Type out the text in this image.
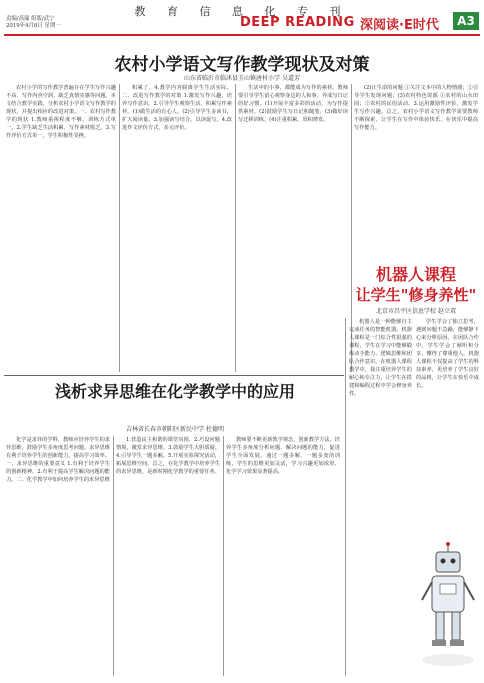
教 育 信 息 化 专 刊
责编/高瑞 组版/武宁
2019年4月8日 星期一	DEEP READING 深阅读·E时代	A3
农村小学语文写作教学现状及对策
山东省临沂市临沭县玉山镇唐村小学 吴道芳

农村小学的写作教学普遍存在学生写作兴趣不高、写作内容空洞、缺乏真情实感等问题。本文结合教学实践，分析农村小学语文写作教学的现状，并提出相应的改进对策。一、农村写作教学的现状 1.教师重视程度不够，训练方式单一。2.学生缺乏生活积累，写作素材匮乏。3.写作评价方式单一，学生积极性受挫。

积累了。4.教学内容脱离学生生活实际。二、改进写作教学的对策 1.激发写作兴趣，培养写作意识。2.引导学生观察生活，积累写作素材。(1)做生活的有心人。(2)引导学生多读书，扩大阅读量。3.加强读写结合，以读促写。4.改进作文评价方式，多元评价。

生活中的小事，都能成为写作的素材。教师要引导学生留心观察身边的人和事，养成写日记的好习惯。(1)开展丰富多彩的活动，为写作提供素材。(2)鼓励学生写日记和随笔。(3)做好读写迁移训练。(4)注重积累，厚积薄发。

(2)让生命的问题 ①关注文本中的人物情感；②引导学生发现问题；(3)农村特色资源 ①农村的山水田园；②农村的民俗活动。3.运用激励性评价，激发学生写作兴趣。总之，农村小学语文写作教学需要教师不断探索，让学生在写作中体验快乐，在快乐中提高写作能力。

机器人课程
让学生"修身养性"
北京市昌平区信息学校 赵立双
浅析求异思维在化学教学中的应用
吉林省长春市朝阳区新民中学 杜德明

化学是求异的学科，教师应培养学生的求异思维，鼓励学生多角度思考问题。求异思维有利于培养学生的创新能力，提高学习效率。一、求异思维的重要意义 1.有利于培养学生的创新精神。2.有利于提高学生解决问题的能力。二、化学教学中如何培养学生的求异思维

1.营造民主和谐的课堂氛围。2.巧设问题情境，激发求异思维。3.鼓励学生大胆质疑。4.引导学生一题多解。5.开展实验探究活动，拓展思维空间。总之，在化学教学中培养学生的求异思维，是新时期化学教学的重要任务。

教师要不断更新教学观念，创新教学方法，培养学生多角度分析问题、解决问题的能力，促进学生全面发展。通过一题多解、一题多变的训练，学生的思维更加灵活，学习兴趣更加浓厚，化学学习效果显著提高。

机器人是一种能够自主完成任务的智能机器。机器人课程是一门综合性很强的课程，学生在学习中能够锻炼动手能力、逻辑思维和团队合作意识。在机器人课程教学中，我注重培养学生的耐心和专注力，让学生在搭建和编程过程中学会修身养性。

学生学会了独立思考，遇到问题不急躁，能够静下心来分析原因。在团队合作中，学生学会了倾听和分享，懂得了尊重他人。机器人课程不仅提高了学生的科技素养，更培养了学生良好的品格，让学生在快乐中成长。
